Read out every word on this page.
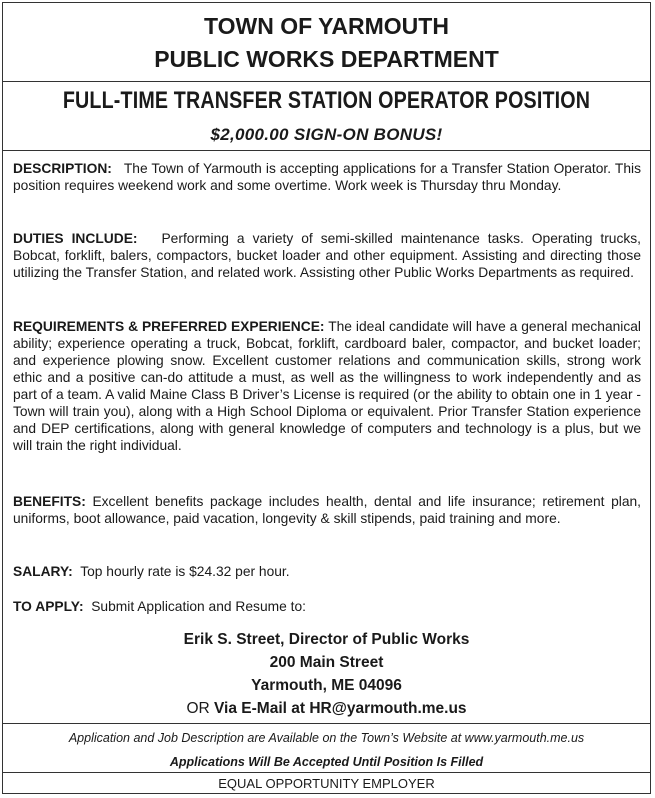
TOWN OF YARMOUTH
PUBLIC WORKS DEPARTMENT
FULL-TIME TRANSFER STATION OPERATOR POSITION
$2,000.00 SIGN-ON BONUS!
DESCRIPTION: The Town of Yarmouth is accepting applications for a Transfer Station Operator. This position requires weekend work and some overtime. Work week is Thursday thru Monday.
DUTIES INCLUDE: Performing a variety of semi-skilled maintenance tasks. Operating trucks, Bobcat, forklift, balers, compactors, bucket loader and other equipment. Assisting and directing those utilizing the Transfer Station, and related work. Assisting other Public Works Departments as required.
REQUIREMENTS & PREFERRED EXPERIENCE: The ideal candidate will have a general mechanical ability; experience operating a truck, Bobcat, forklift, cardboard baler, compactor, and bucket loader; and experience plowing snow. Excellent customer relations and communication skills, strong work ethic and a positive can-do attitude a must, as well as the willingness to work independently and as part of a team. A valid Maine Class B Driver’s License is required (or the ability to obtain one in 1 year - Town will train you), along with a High School Diploma or equivalent. Prior Transfer Station experience and DEP certifications, along with general knowledge of computers and technology is a plus, but we will train the right individual.
BENEFITS: Excellent benefits package includes health, dental and life insurance; retirement plan, uniforms, boot allowance, paid vacation, longevity & skill stipends, paid training and more.
SALARY: Top hourly rate is $24.32 per hour.
TO APPLY: Submit Application and Resume to:
Erik S. Street, Director of Public Works
200 Main Street
Yarmouth, ME 04096
OR Via E-Mail at HR@yarmouth.me.us
Application and Job Description are Available on the Town’s Website at www.yarmouth.me.us
Applications Will Be Accepted Until Position Is Filled
EQUAL OPPORTUNITY EMPLOYER
